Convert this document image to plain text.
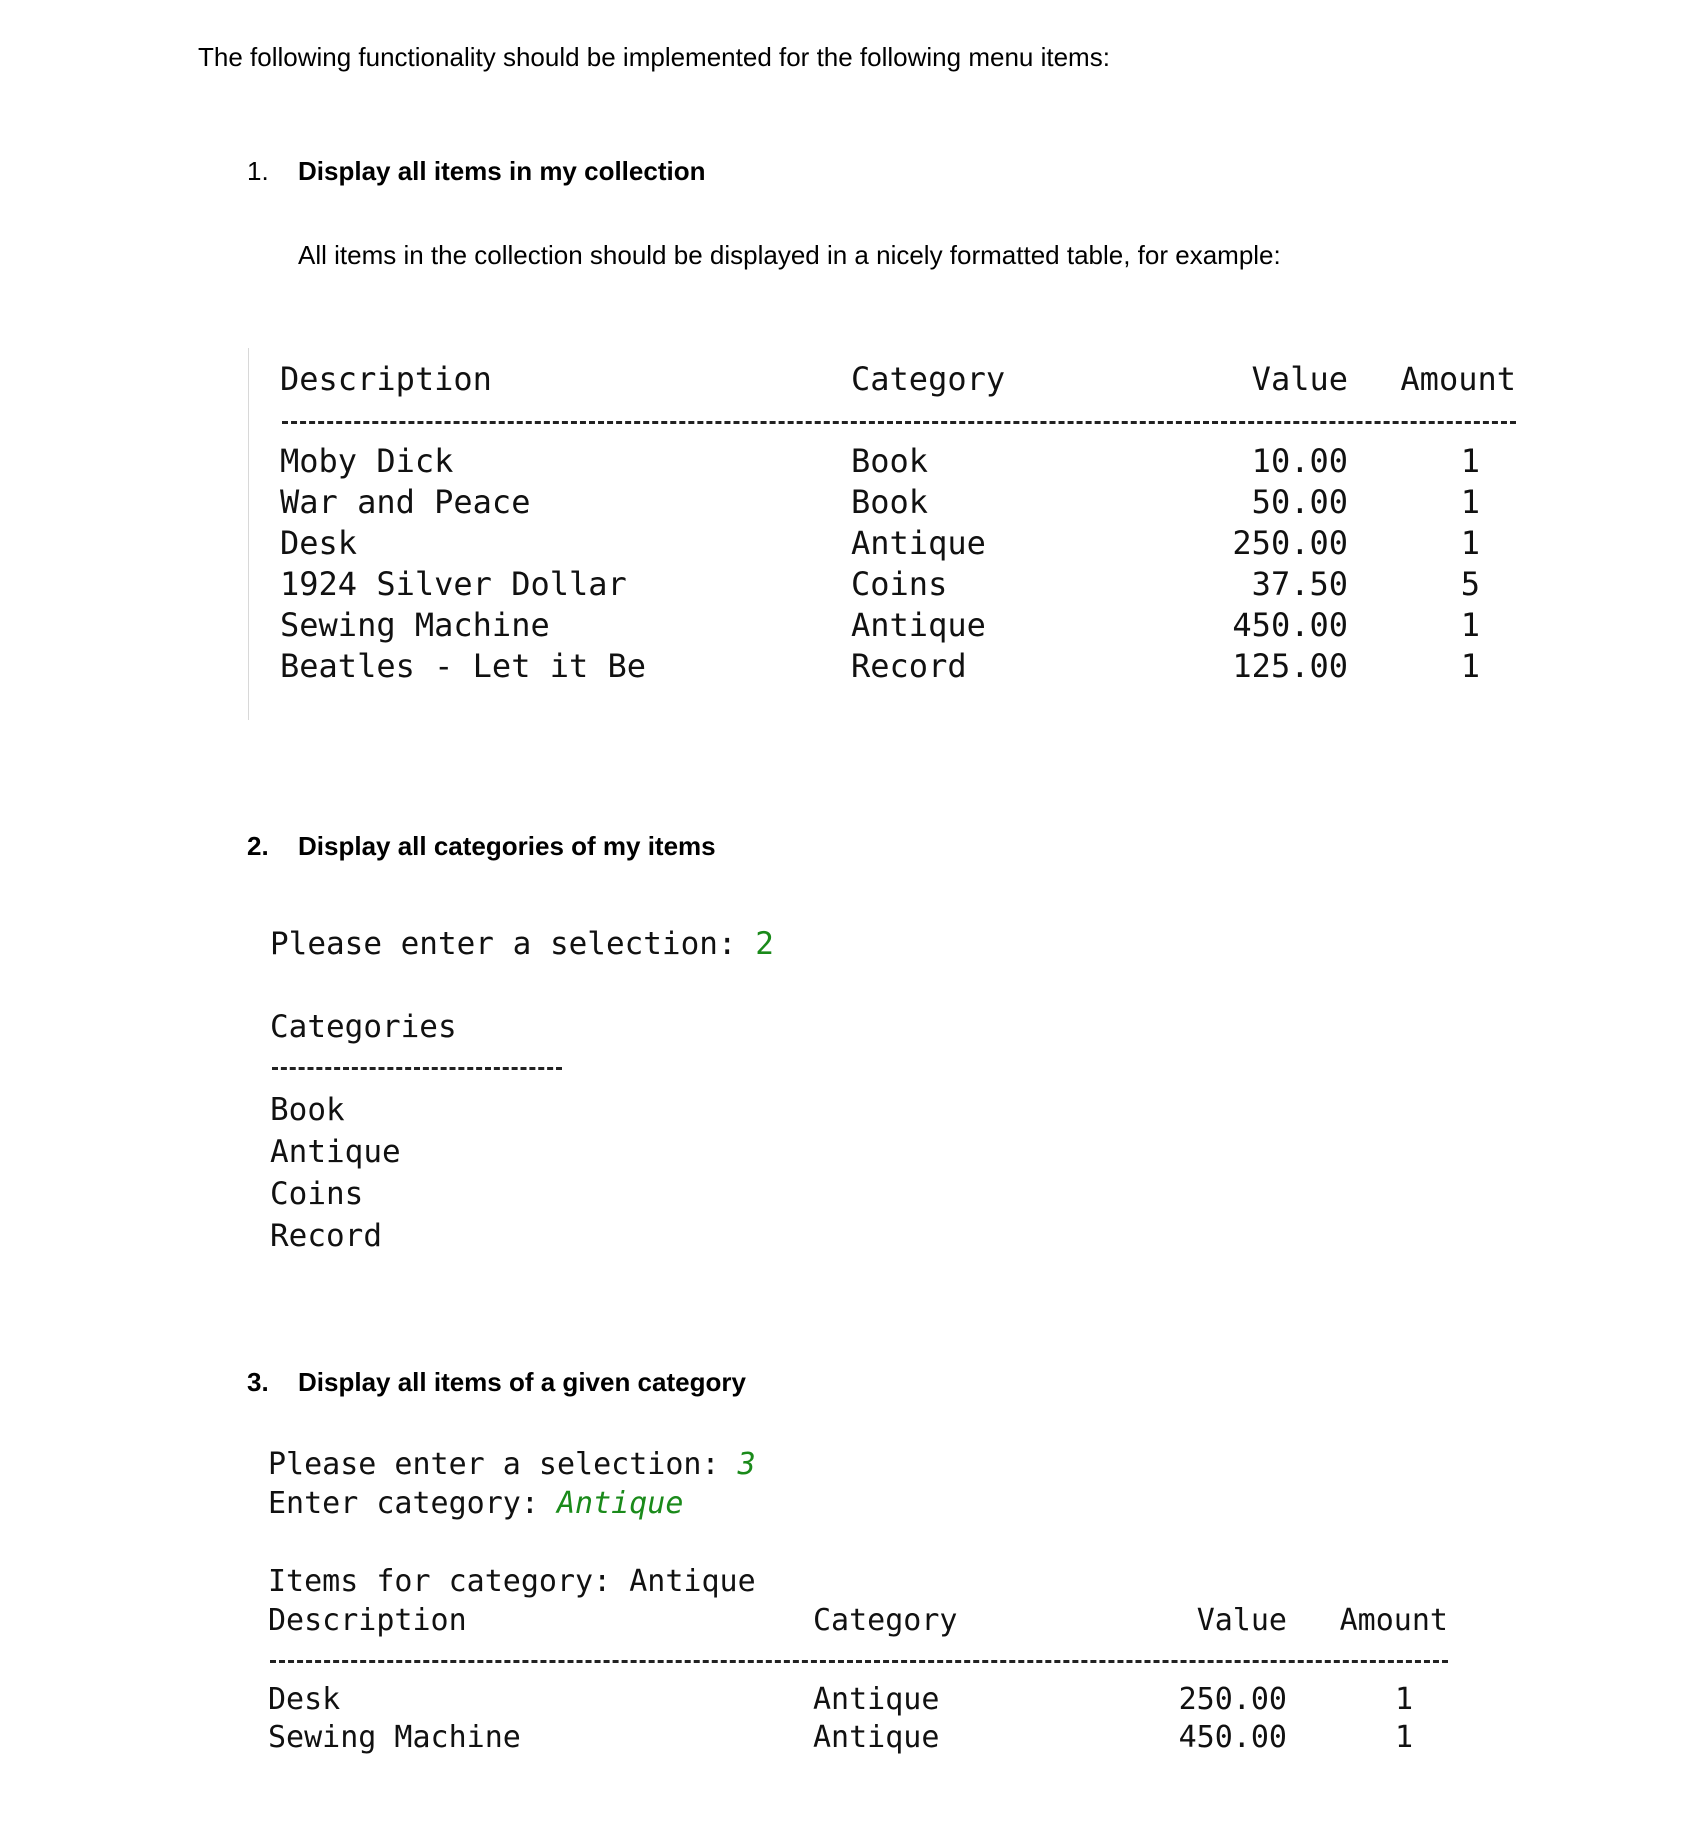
The following functionality should be implemented for the following menu items:
1. Display all items in my collection
All items in the collection should be displayed in a nicely formatted table, for example:
Description	Category	Value	Amount
Moby Dick	Book	10.00	1
War and Peace	Book	50.00	1
Desk	Antique	250.00	1
1924 Silver Dollar	Coins	37.50	5
Sewing Machine	Antique	450.00	1
Beatles - Let it Be	Record	125.00	1
2. Display all categories of my items
Please enter a selection: 2
Categories
Book
Antique
Coins
Record
3. Display all items of a given category
Please enter a selection: 3
Enter category: Antique
Items for category: Antique
Description	Category	Value	Amount
Desk	Antique	250.00	1
Sewing Machine	Antique	450.00	1
